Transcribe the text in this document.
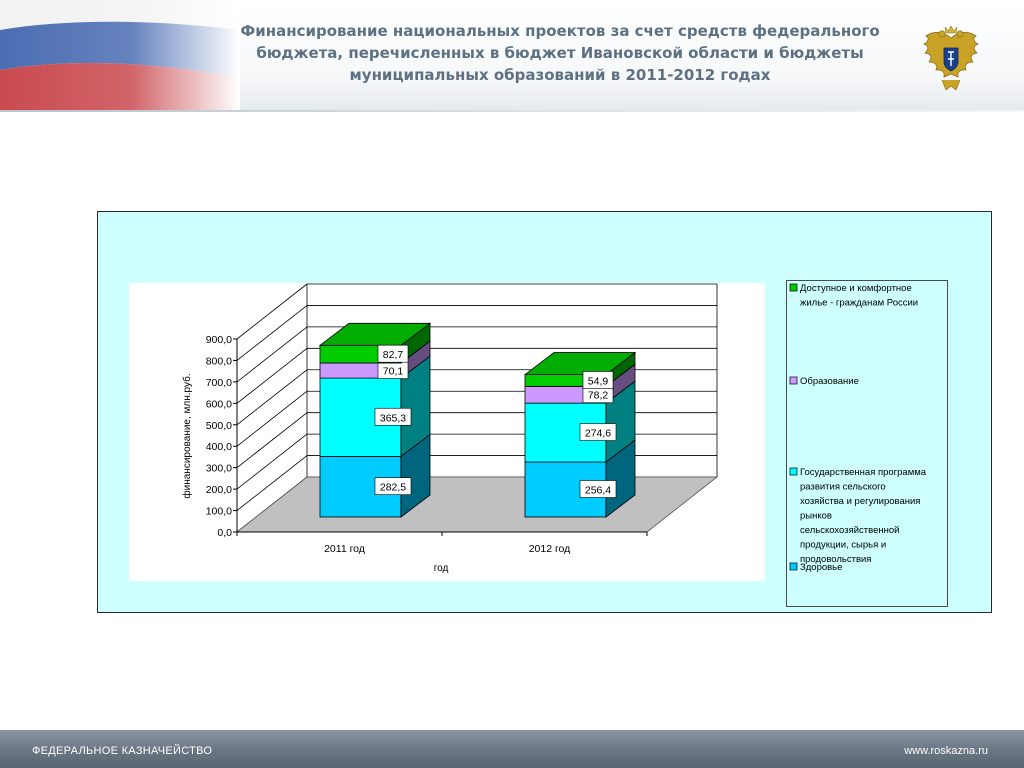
Финансирование национальных проектов за счет средств федерального бюджета, перечисленных в бюджет Ивановской области и бюджеты муниципальных образований в 2011-2012 годах
0,0
100,0
200,0
300,0
400,0
500,0
600,0
700,0
800,0
900,0
282,5
365,3
70,1
82,7
2011 год
256,4
274,6
78,2
54,9
2012 год
год
финансирование, млн.руб.
Доступное и комфортное жилье - гражданам России
Образование
Государственная программа развития сельского хозяйства и регулирования рынков сельскохозяйственной продукции, сырья и продовольствия
Здоровье
ФЕДЕРАЛЬНОЕ КАЗНАЧЕЙСТВО	www.roskazna.ru
